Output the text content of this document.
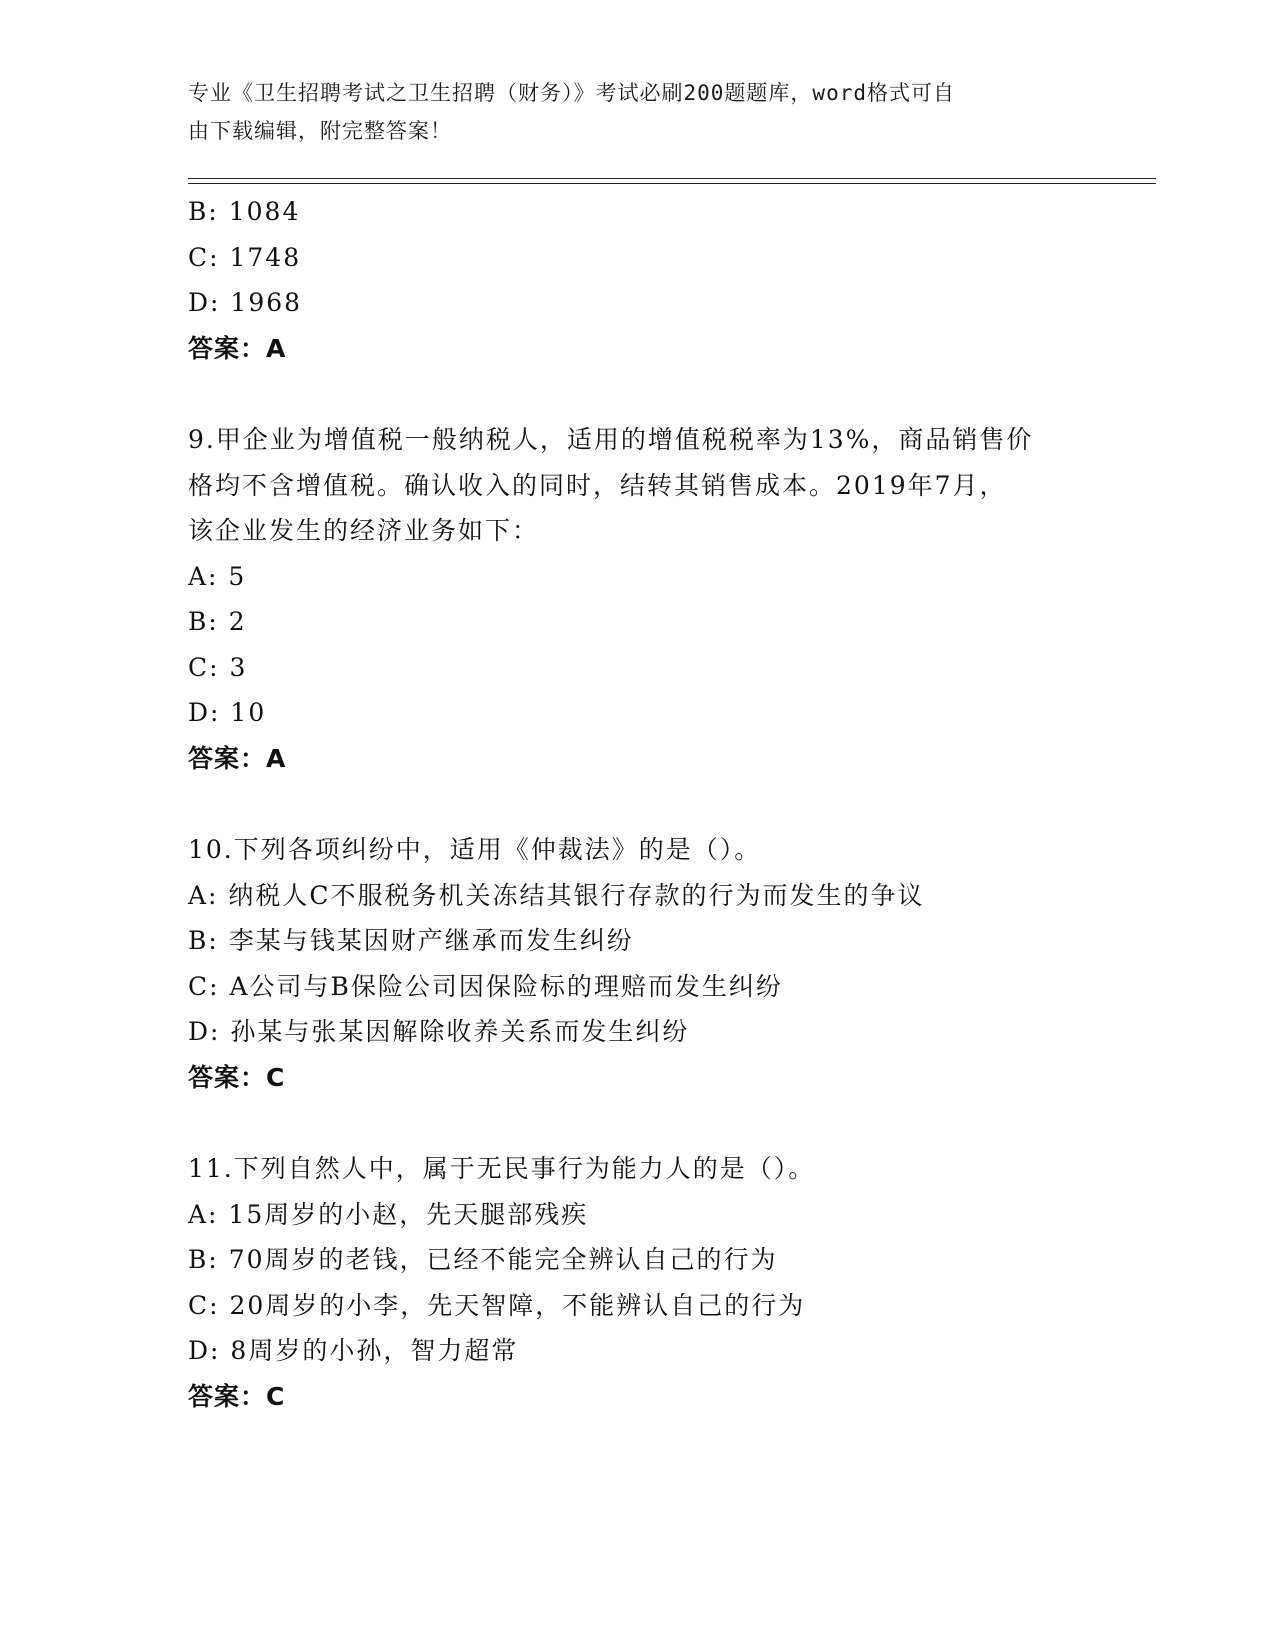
专业《卫生招聘考试之卫生招聘（财务）》考试必刷200题题库，word格式可自
由下载编辑，附完整答案！
B: 1084
C: 1748
D: 1968
答案：A
9.甲企业为增值税一般纳税人，适用的增值税税率为13%，商品销售价
格均不含增值税。确认收入的同时，结转其销售成本。2019年7月，
该企业发生的经济业务如下：
A: 5
B: 2
C: 3
D: 10
答案：A
10.下列各项纠纷中，适用《仲裁法》的是（）。
A: 纳税人C不服税务机关冻结其银行存款的行为而发生的争议
B: 李某与钱某因财产继承而发生纠纷
C: A公司与B保险公司因保险标的理赔而发生纠纷
D: 孙某与张某因解除收养关系而发生纠纷
答案：C
11.下列自然人中，属于无民事行为能力人的是（）。
A: 15周岁的小赵，先天腿部残疾
B: 70周岁的老钱，已经不能完全辨认自己的行为
C: 20周岁的小李，先天智障，不能辨认自己的行为
D: 8周岁的小孙，智力超常
答案：C
